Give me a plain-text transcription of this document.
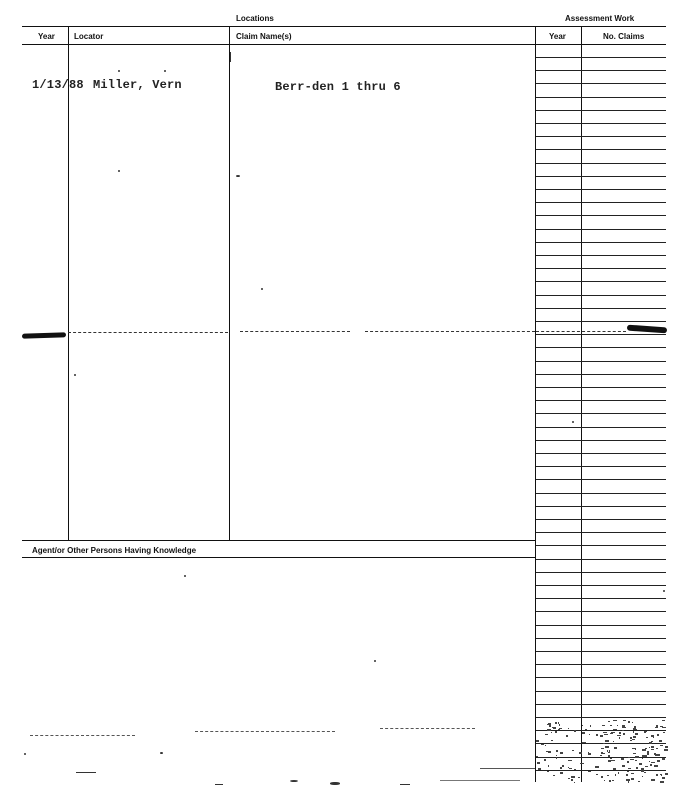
Locations	Assessment Work
Year Locator	Claim Name(s)	Year	No. Claims
1/13/88 Miller, Vern	Berr-den 1 thru 6
Agent/or Other Persons Having Knowledge
